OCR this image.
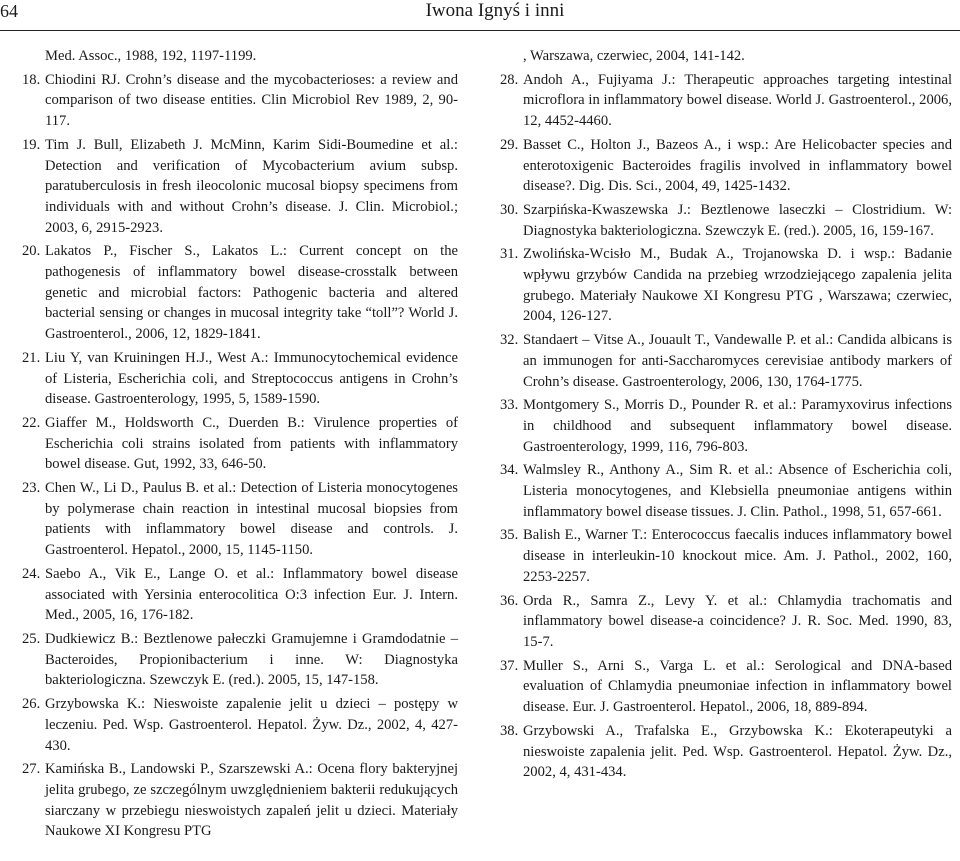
64	Iwona Ignyś i inni

Med. Assoc., 1988, 192, 1197-1199.

18. Chiodini RJ. Crohn’s disease and the mycobacterioses: a review and comparison of two disease entities. Clin Microbiol Rev 1989, 2, 90-117.

19. Tim J. Bull, Elizabeth J. McMinn, Karim Sidi-Boumedine et al.: Detection and verification of Mycobacterium avium subsp. paratuberculosis in fresh ileocolonic mucosal biopsy specimens from individuals with and without Crohn’s disease. J. Clin. Microbiol.; 2003, 6, 2915-2923.

20. Lakatos P., Fischer S., Lakatos L.: Current concept on the pathogenesis of inflammatory bowel disease-crosstalk between genetic and microbial factors: Pathogenic bacteria and altered bacterial sensing or changes in mucosal integrity take “toll”? World J. Gastroenterol., 2006, 12, 1829-1841.

21. Liu Y, van Kruiningen H.J., West A.: Immunocytochemical evidence of Listeria, Escherichia coli, and Streptococcus antigens in Crohn’s disease. Gastroenterology, 1995, 5, 1589-1590.

22. Giaffer M., Holdsworth C., Duerden B.: Virulence properties of Escherichia coli strains isolated from patients with inflammatory bowel disease. Gut, 1992, 33, 646-50.

23. Chen W., Li D., Paulus B. et al.: Detection of Listeria monocytogenes by polymerase chain reaction in intestinal mucosal biopsies from patients with inflammatory bowel disease and controls. J. Gastroenterol. Hepatol., 2000, 15, 1145-1150.

24. Saebo A., Vik E., Lange O. et al.: Inflammatory bowel disease associated with Yersinia enterocolitica O:3 infection Eur. J. Intern. Med., 2005, 16, 176-182.

25. Dudkiewicz B.: Beztlenowe pałeczki Gramujemne i Gramdodatnie – Bacteroides, Propionibacterium i inne. W: Diagnostyka bakteriologiczna. Szewczyk E. (red.). 2005, 15, 147-158.

26. Grzybowska K.: Nieswoiste zapalenie jelit u dzieci – postępy w leczeniu. Ped. Wsp. Gastroenterol. Hepatol. Żyw. Dz., 2002, 4, 427-430.

27. Kamińska B., Landowski P., Szarszewski A.: Ocena flory bakteryjnej jelita grubego, ze szczególnym uwzględnieniem bakterii redukujących siarczany w przebiegu nieswoistych zapaleń jelit u dzieci. Materiały Naukowe XI Kongresu PTG

, Warszawa, czerwiec, 2004, 141-142.

28. Andoh A., Fujiyama J.: Therapeutic approaches targeting intestinal microflora in inflammatory bowel disease. World J. Gastroenterol., 2006, 12, 4452-4460.

29. Basset C., Holton J., Bazeos A., i wsp.: Are Helicobacter species and enterotoxigenic Bacteroides fragilis involved in inflammatory bowel disease?. Dig. Dis. Sci., 2004, 49, 1425-1432.

30. Szarpińska-Kwaszewska J.: Beztlenowe laseczki – Clostridium. W: Diagnostyka bakteriologiczna. Szewczyk E. (red.). 2005, 16, 159-167.

31. Zwolińska-Wcisło M., Budak A., Trojanowska D. i wsp.: Badanie wpływu grzybów Candida na przebieg wrzodziejącego zapalenia jelita grubego. Materiały Naukowe XI Kongresu PTG , Warszawa; czerwiec, 2004, 126-127.

32. Standaert – Vitse A., Jouault T., Vandewalle P. et al.: Candida albicans is an immunogen for anti-Saccharomyces cerevisiae antibody markers of Crohn’s disease. Gastroenterology, 2006, 130, 1764-1775.

33. Montgomery S., Morris D., Pounder R. et al.: Paramyxovirus infections in childhood and subsequent inflammatory bowel disease. Gastroenterology, 1999, 116, 796-803.

34. Walmsley R., Anthony A., Sim R. et al.: Absence of Escherichia coli, Listeria monocytogenes, and Klebsiella pneumoniae antigens within inflammatory bowel disease tissues. J. Clin. Pathol., 1998, 51, 657-661.

35. Balish E., Warner T.: Enterococcus faecalis induces inflammatory bowel disease in interleukin-10 knockout mice. Am. J. Pathol., 2002, 160, 2253-2257.

36. Orda R., Samra Z., Levy Y. et al.: Chlamydia trachomatis and inflammatory bowel disease-a coincidence? J. R. Soc. Med. 1990, 83, 15-7.

37. Muller S., Arni S., Varga L. et al.: Serological and DNA-based evaluation of Chlamydia pneumoniae infection in inflammatory bowel disease. Eur. J. Gastroenterol. Hepatol., 2006, 18, 889-894.

38. Grzybowski A., Trafalska E., Grzybowska K.: Ekoterapeutyki a nieswoiste zapalenia jelit. Ped. Wsp. Gastroenterol. Hepatol. Żyw. Dz., 2002, 4, 431-434.
